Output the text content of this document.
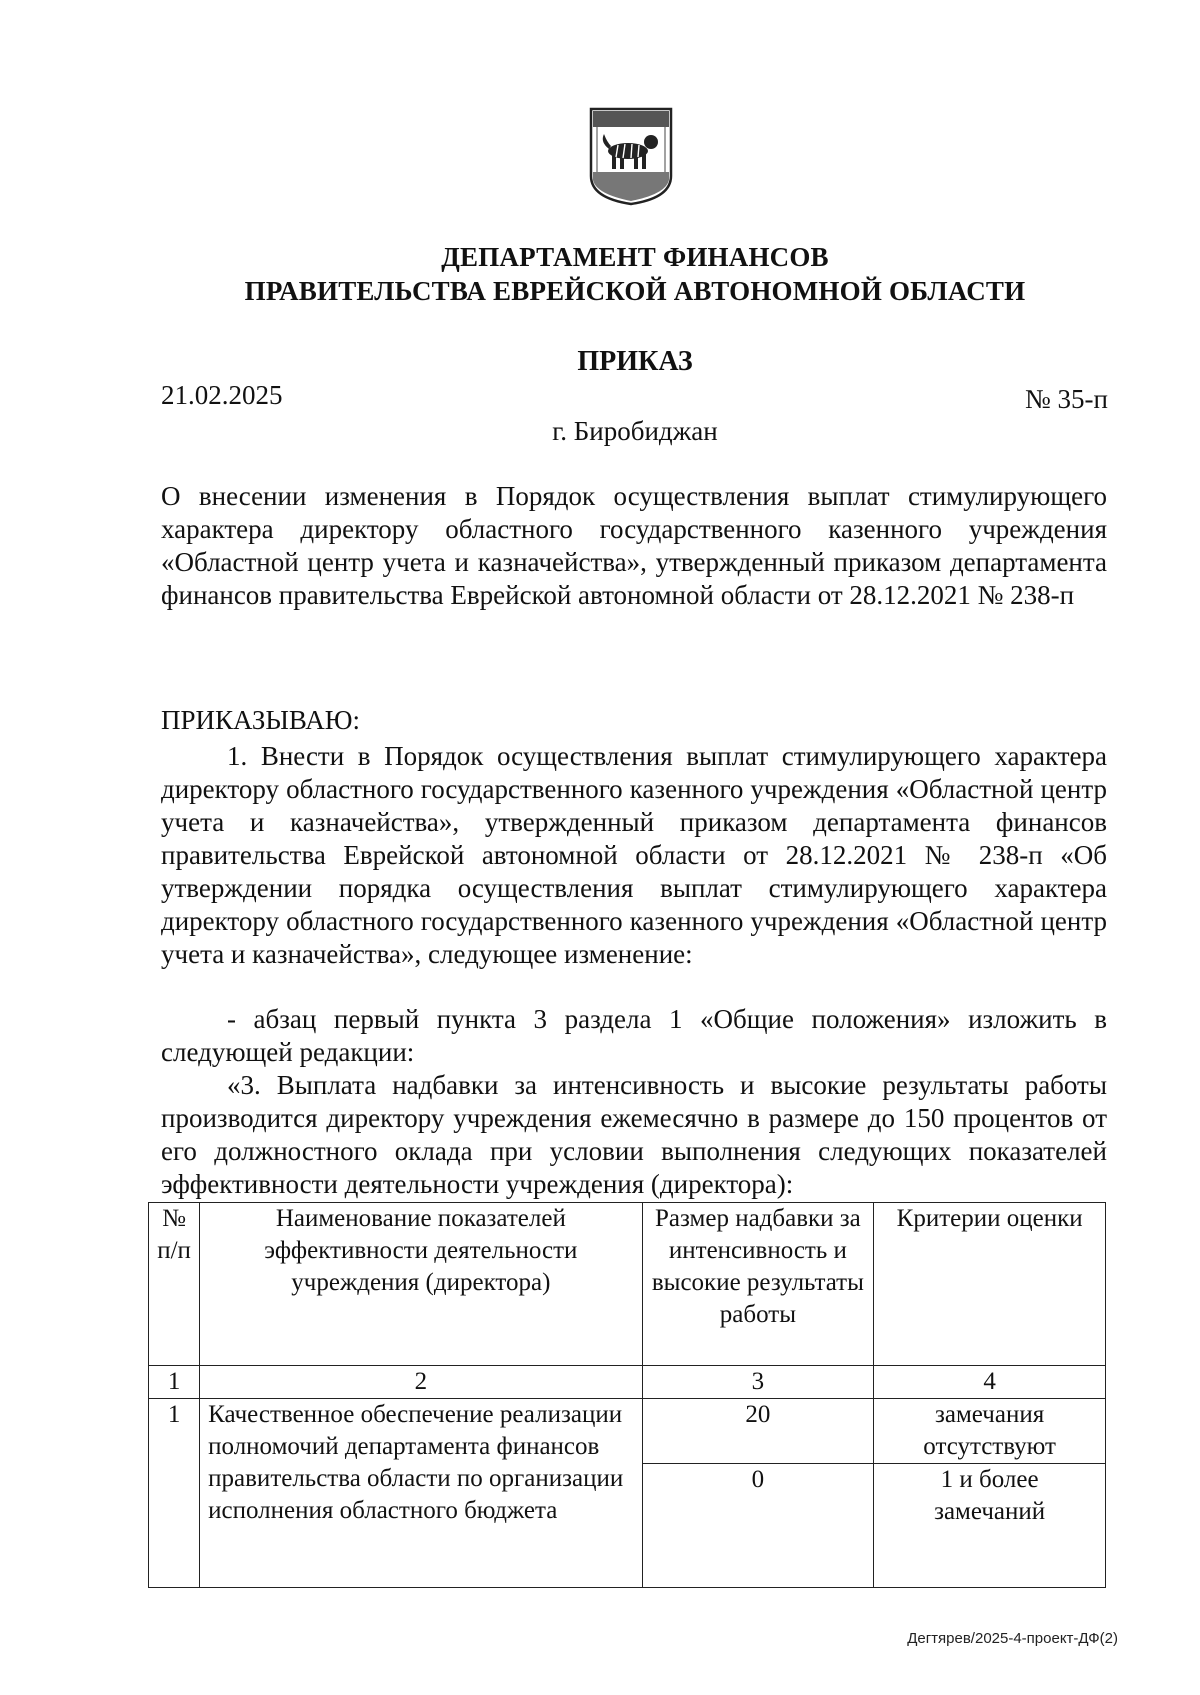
ДЕПАРТАМЕНТ ФИНАНСОВ
ПРАВИТЕЛЬСТВА ЕВРЕЙСКОЙ АВТОНОМНОЙ ОБЛАСТИ
ПРИКАЗ
21.02.2025	№ 35-п
г. Биробиджан

О внесении изменения в Порядок осуществления выплат стимулирующего характера директору областного государственного казенного учреждения «Областной центр учета и казначейства», утвержденный приказом департамента финансов правительства Еврейской автономной области от 28.12.2021 № 238-п

ПРИКАЗЫВАЮ:

1. Внести в Порядок осуществления выплат стимулирующего характера директору областного государственного казенного учреждения «Областной центр учета и казначейства», утвержденный приказом департамента финансов правительства Еврейской автономной области от 28.12.2021 № 238-п «Об утверждении порядка осуществления выплат стимулирующего характера директору областного государственного казенного учреждения «Областной центр учета и казначейства», следующее изменение:

- абзац первый пункта 3 раздела 1 «Общие положения» изложить в следующей редакции:

«3. Выплата надбавки за интенсивность и высокие результаты работы производится директору учреждения ежемесячно в размере до 150 процентов от его должностного оклада при условии выполнения следующих показателей эффективности деятельности учреждения (директора):

№ п/п	Наименование показателей эффективности деятельности учреждения (директора)	Размер надбавки за интенсивность и высокие результаты работы	Критерии оценки
1	2	3	4
1	Качественное обеспечение реализации полномочий департамента финансов правительства области по организации исполнения областного бюджета	20	замечания отсутствуют
		0	1 и более замечаний
Дегтярев/2025-4-проект-ДФ(2)
